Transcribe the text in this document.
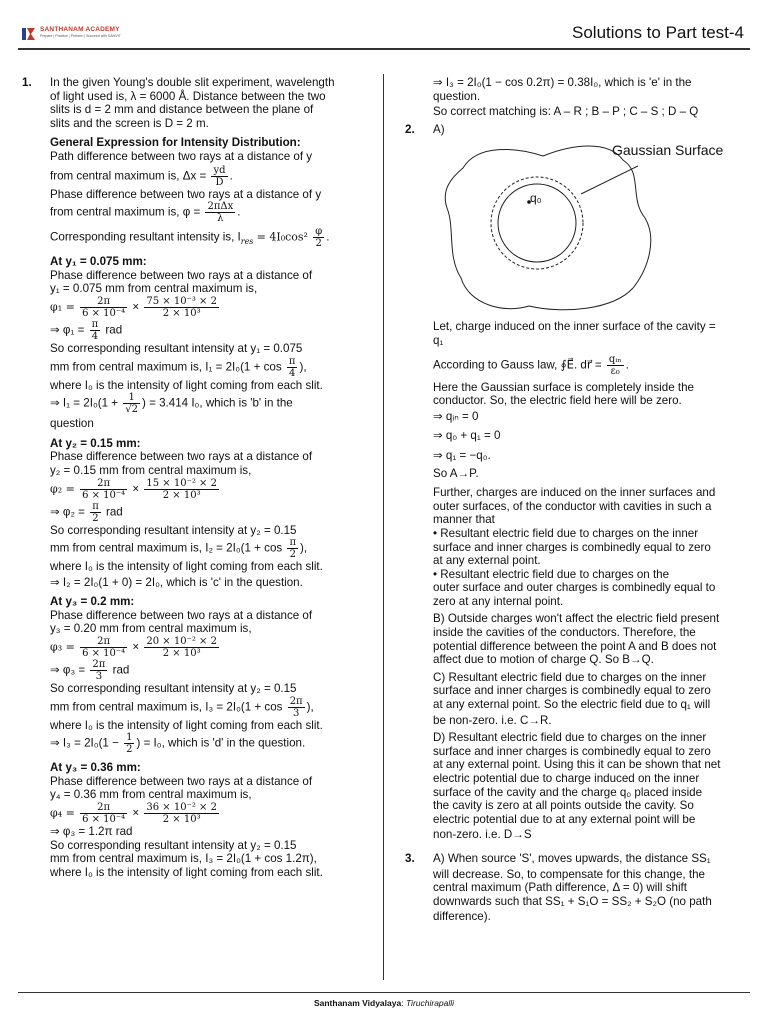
SANTHANAM ACADEMY
Prepare | Practice | Perform | Succeed with SAMVIT	Solutions to Part test-4
1. In the given Young's double slit experiment, wavelength
of light used is, λ = 6000 Å. Distance between the two
slits is d = 2 mm and distance between the plane of
slits and the screen is D = 2 m.
General Expression for Intensity Distribution:
Path difference between two rays at a distance of y
from central maximum is, $\Delta x = \frac{yd}{D}$ .
Phase difference between two rays at a distance of y
from central maximum is, $\varphi = \frac{\text{2πΔx}}{\lambda}$ .
Corresponding resultant intensity is, $I_{res} = 4I_0\cos^2 \frac{\varphi}{2}$ .
At y₁ = 0.075 mm:
Phase difference between two rays at a distance of
y₁ = 0.075 mm from central maximum is,
$\varphi_1 = \frac{2\pi}{\text{6 × 10⁻⁴}} \times \frac{\text{75 × 10⁻³ × 2}}{\text{2 × 10³}}$
⇒ $\varphi_1 = \frac{\pi}{4}$ rad
So corresponding resultant intensity at y₁ = 0.075
mm from central maximum is, $I_1 = 2I_0(1 + \cos \frac{\pi}{4}$ ),
where I₀ is the intensity of light coming from each slit.
⇒ $I_1 = 2I_0(1 + \frac{1}{√2}$ ) = 3.414 I₀, which is 'b' in the
question
At y₂ = 0.15 mm:
Phase difference between two rays at a distance of
y₂ = 0.15 mm from central maximum is,
$\varphi_2 = \frac{2\pi}{\text{6 × 10⁻⁴}} \times \frac{\text{15 × 10⁻² × 2}}{\text{2 × 10³}}$
⇒ $\varphi_2 = \frac{\pi}{2}$ rad
So corresponding resultant intensity at y₂ = 0.15
mm from central maximum is, $I_2 = 2I_0(1 + \cos \frac{\pi}{2}$ ),
where I₀ is the intensity of light coming from each slit.
⇒ I₂ = 2I₀(1 + 0) = 2I₀, which is 'c' in the question.
At y₃ = 0.2 mm:
Phase difference between two rays at a distance of
y₃ = 0.20 mm from central maximum is,
$\varphi_3 = \frac{2\pi}{\text{6 × 10⁻⁴}} \times \frac{\text{20 × 10⁻² × 2}}{\text{2 × 10³}}$
⇒ $\varphi_3 = \frac{2\pi}{3}$ rad
So corresponding resultant intensity at y₂ = 0.15
mm from central maximum is, $I_3 = 2I_0(1 + \cos \frac{2\pi}{3}$ ),
where I₀ is the intensity of light coming from each slit.
⇒ $I_3 = 2I_0(1 - \frac{1}{2}$ ) = I₀, which is 'd' in the question.
At y₃ = 0.36 mm:
Phase difference between two rays at a distance of
y₄ = 0.36 mm from central maximum is,
$\varphi_4 = \frac{2\pi}{\text{6 × 10⁻⁴}} \times \frac{\text{36 × 10⁻² × 2}}{\text{2 × 10³}}$
⇒ φ₃ = 1.2π rad
So corresponding resultant intensity at y₂ = 0.15
mm from central maximum is, I₃ = 2I₀(1 + cos 1.2π),
where I₀ is the intensity of light coming from each slit.
⇒ I₃ = 2I₀(1 − cos 0.2π) = 0.38I₀, which is 'e' in the
question.
So correct matching is: A – R ; B – P ; C – S ; D – Q
2. A)
Gaussian Surface
q₀
Let, charge induced on the inner surface of the cavity =
q₁
According to Gauss law, ∮E⃗. dr⃗ = $\frac{\text{qᵢₙ}}{\text{ε₀}}$ .
Here the Gaussian surface is completely inside the
conductor. So, the electric field here will be zero.
⇒ qᵢₙ = 0
⇒ q₀ + q₁ = 0
⇒ q₁ = −q₀.
So A→P.
Further, charges are induced on the inner surfaces and
outer surfaces, of the conductor with cavities in such a
manner that
• Resultant electric field due to charges on the inner
surface and inner charges is combinedly equal to zero
at any external point.
• Resultant electric field due to charges on the
outer surface and outer charges is combinedly equal to
zero at any internal point.
B) Outside charges won't affect the electric field present
inside the cavities of the conductors. Therefore, the
potential difference between the point A and B does not
affect due to motion of charge Q. So B→Q.
C) Resultant electric field due to charges on the inner
surface and inner charges is combinedly equal to zero
at any external point. So the electric field due to q₁ will
be non-zero. i.e. C→R.
D) Resultant electric field due to charges on the inner
surface and inner charges is combinedly equal to zero
at any external point. Using this it can be shown that net
electric potential due to charge induced on the inner
surface of the cavity and the charge q₀ placed inside
the cavity is zero at all points outside the cavity. So
electric potential due to at any external point will be
non-zero. i.e. D→S
3. A) When source 'S', moves upwards, the distance SS₁
will decrease. So, to compensate for this change, the
central maximum (Path difference, Δ = 0) will shift
downwards such that SS₁ + S₁O = SS₂ + S₂O (no path
difference).
Santhanam Vidyalaya: Tiruchirapalli
